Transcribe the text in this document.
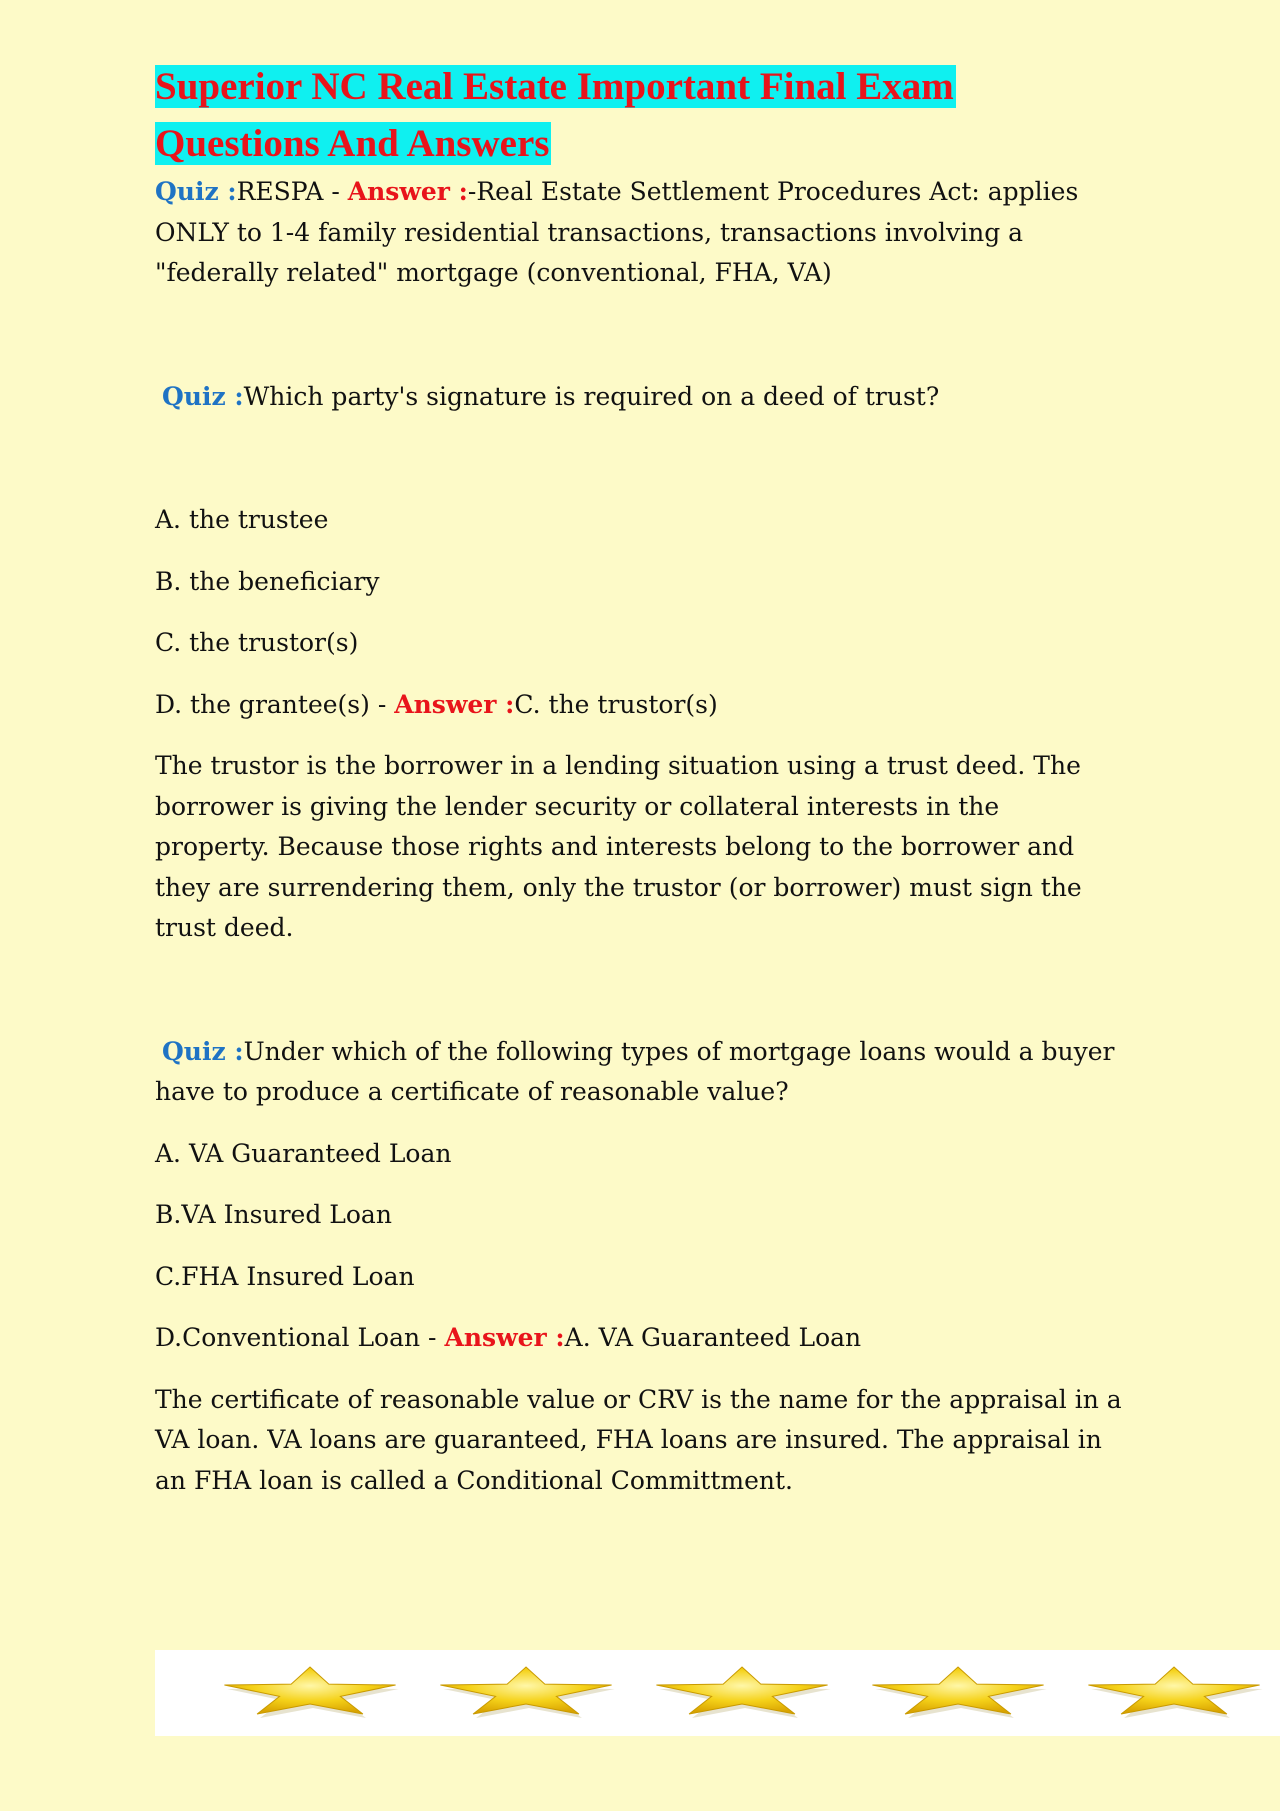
Superior NC Real Estate Important Final Exam
Questions And Answers

Quiz :RESPA - Answer :-Real Estate Settlement Procedures Act: applies
ONLY to 1-4 family residential transactions, transactions involving a
"federally related" mortgage (conventional, FHA, VA)

Quiz :Which party's signature is required on a deed of trust?

A. the trustee

B. the beneficiary

C. the trustor(s)

D. the grantee(s) - Answer :C. the trustor(s)

The trustor is the borrower in a lending situation using a trust deed. The
borrower is giving the lender security or collateral interests in the
property. Because those rights and interests belong to the borrower and
they are surrendering them, only the trustor (or borrower) must sign the
trust deed.

Quiz :Under which of the following types of mortgage loans would a buyer

have to produce a certificate of reasonable value?

A. VA Guaranteed Loan

B.VA Insured Loan

C.FHA Insured Loan

D.Conventional Loan - Answer :A. VA Guaranteed Loan

The certificate of reasonable value or CRV is the name for the appraisal in a
VA loan. VA loans are guaranteed, FHA loans are insured. The appraisal in
an FHA loan is called a Conditional Committment.
